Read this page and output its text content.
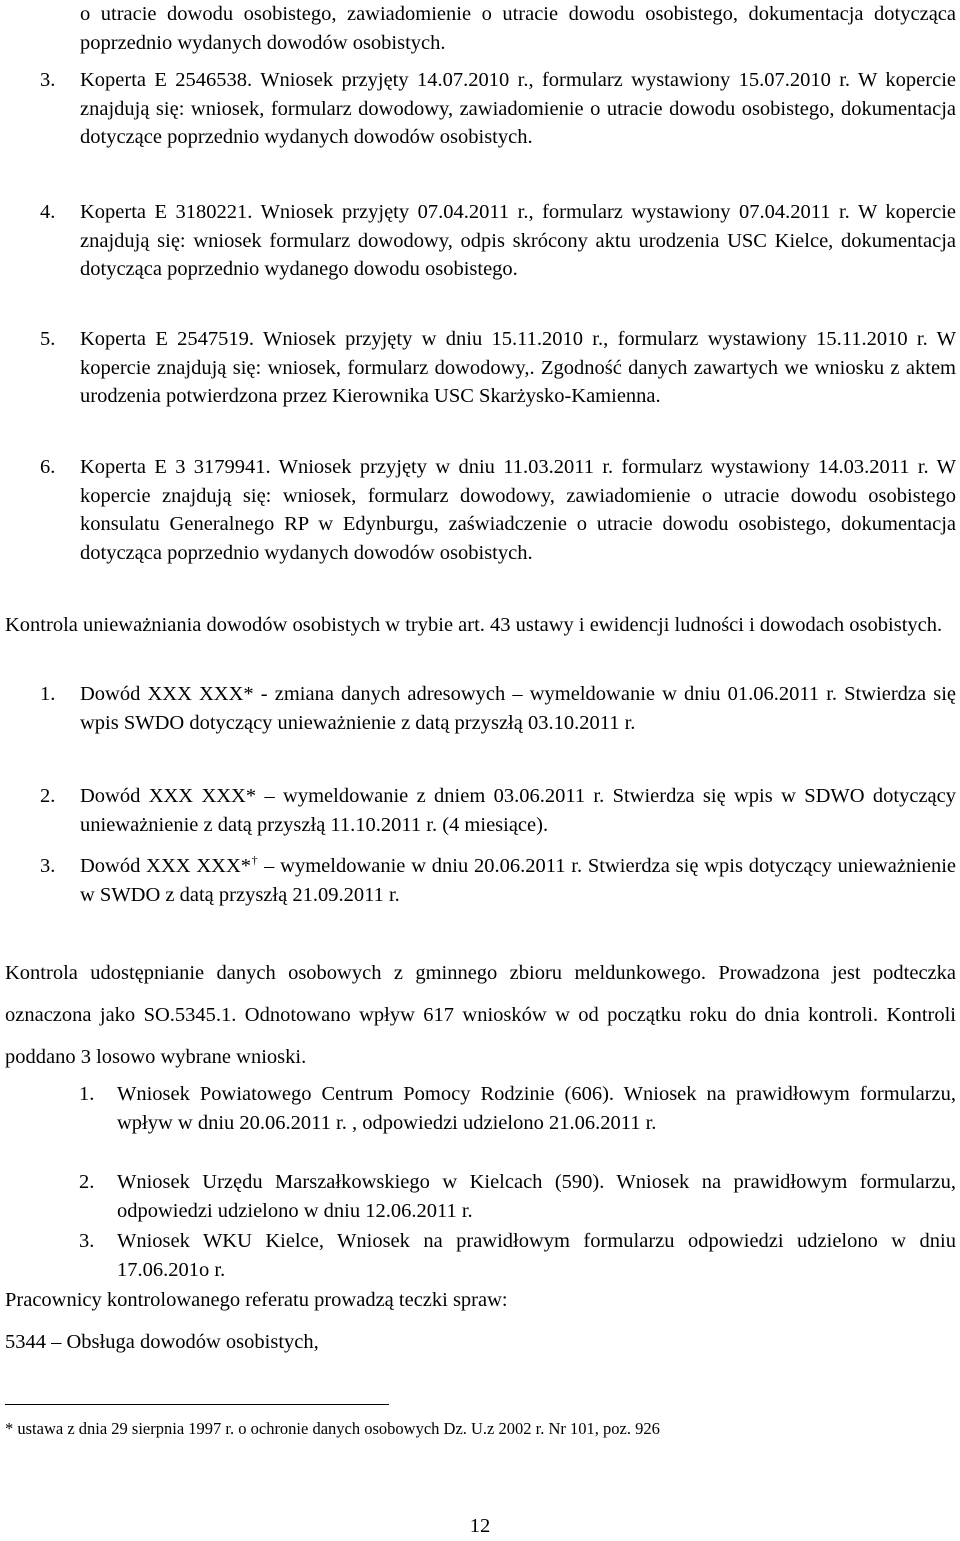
o utracie dowodu osobistego, zawiadomienie o utracie dowodu osobistego, dokumentacja dotycząca poprzednio wydanych dowodów osobistych.
3. Koperta E 2546538. Wniosek przyjęty 14.07.2010 r., formularz wystawiony 15.07.2010 r. W kopercie znajdują się: wniosek, formularz dowodowy, zawiadomienie o utracie dowodu osobistego, dokumentacja dotyczące poprzednio wydanych dowodów osobistych.
4. Koperta E 3180221. Wniosek przyjęty 07.04.2011 r., formularz wystawiony 07.04.2011 r. W kopercie znajdują się: wniosek formularz dowodowy, odpis skrócony aktu urodzenia USC Kielce, dokumentacja dotycząca poprzednio wydanego dowodu osobistego.
5. Koperta E 2547519. Wniosek przyjęty w dniu 15.11.2010 r., formularz wystawiony 15.11.2010 r. W kopercie znajdują się: wniosek, formularz dowodowy,. Zgodność danych zawartych we wniosku z aktem urodzenia potwierdzona przez Kierownika USC Skarżysko-Kamienna.
6. Koperta E 3 3179941. Wniosek przyjęty w dniu 11.03.2011 r. formularz wystawiony 14.03.2011 r. W kopercie znajdują się: wniosek, formularz dowodowy, zawiadomienie o utracie dowodu osobistego konsulatu Generalnego RP w Edynburgu, zaświadczenie o utracie dowodu osobistego, dokumentacja dotycząca poprzednio wydanych dowodów osobistych.
Kontrola unieważniania dowodów osobistych w trybie art. 43 ustawy i ewidencji ludności i dowodach osobistych.
1. Dowód XXX XXX* - zmiana danych adresowych – wymeldowanie w dniu 01.06.2011 r. Stwierdza się wpis SWDO dotyczący unieważnienie z datą przyszłą 03.10.2011 r.
2. Dowód XXX XXX* – wymeldowanie z dniem 03.06.2011 r. Stwierdza się wpis w SDWO dotyczący unieważnienie z datą przyszłą 11.10.2011 r. (4 miesiące).
3. Dowód XXX XXX*† – wymeldowanie w dniu 20.06.2011 r. Stwierdza się wpis dotyczący unieważnienie w SWDO z datą przyszłą 21.09.2011 r.
Kontrola udostępnianie danych osobowych z gminnego zbioru meldunkowego. Prowadzona jest podteczka oznaczona jako SO.5345.1. Odnotowano wpływ 617 wniosków w od początku roku do dnia kontroli. Kontroli poddano 3 losowo wybrane wnioski.
1. Wniosek Powiatowego Centrum Pomocy Rodzinie (606). Wniosek na prawidłowym formularzu, wpływ w dniu 20.06.2011 r. , odpowiedzi udzielono 21.06.2011 r.
2. Wniosek Urzędu Marszałkowskiego w Kielcach (590). Wniosek na prawidłowym formularzu, odpowiedzi udzielono w dniu 12.06.2011 r.
3. Wniosek WKU Kielce, Wniosek na prawidłowym formularzu odpowiedzi udzielono w dniu 17.06.201o r.
Pracownicy kontrolowanego referatu prowadzą teczki spraw:
5344 – Obsługa dowodów osobistych,
* ustawa z dnia 29 sierpnia 1997 r. o ochronie danych osobowych Dz. U.z 2002 r. Nr 101, poz. 926
12
